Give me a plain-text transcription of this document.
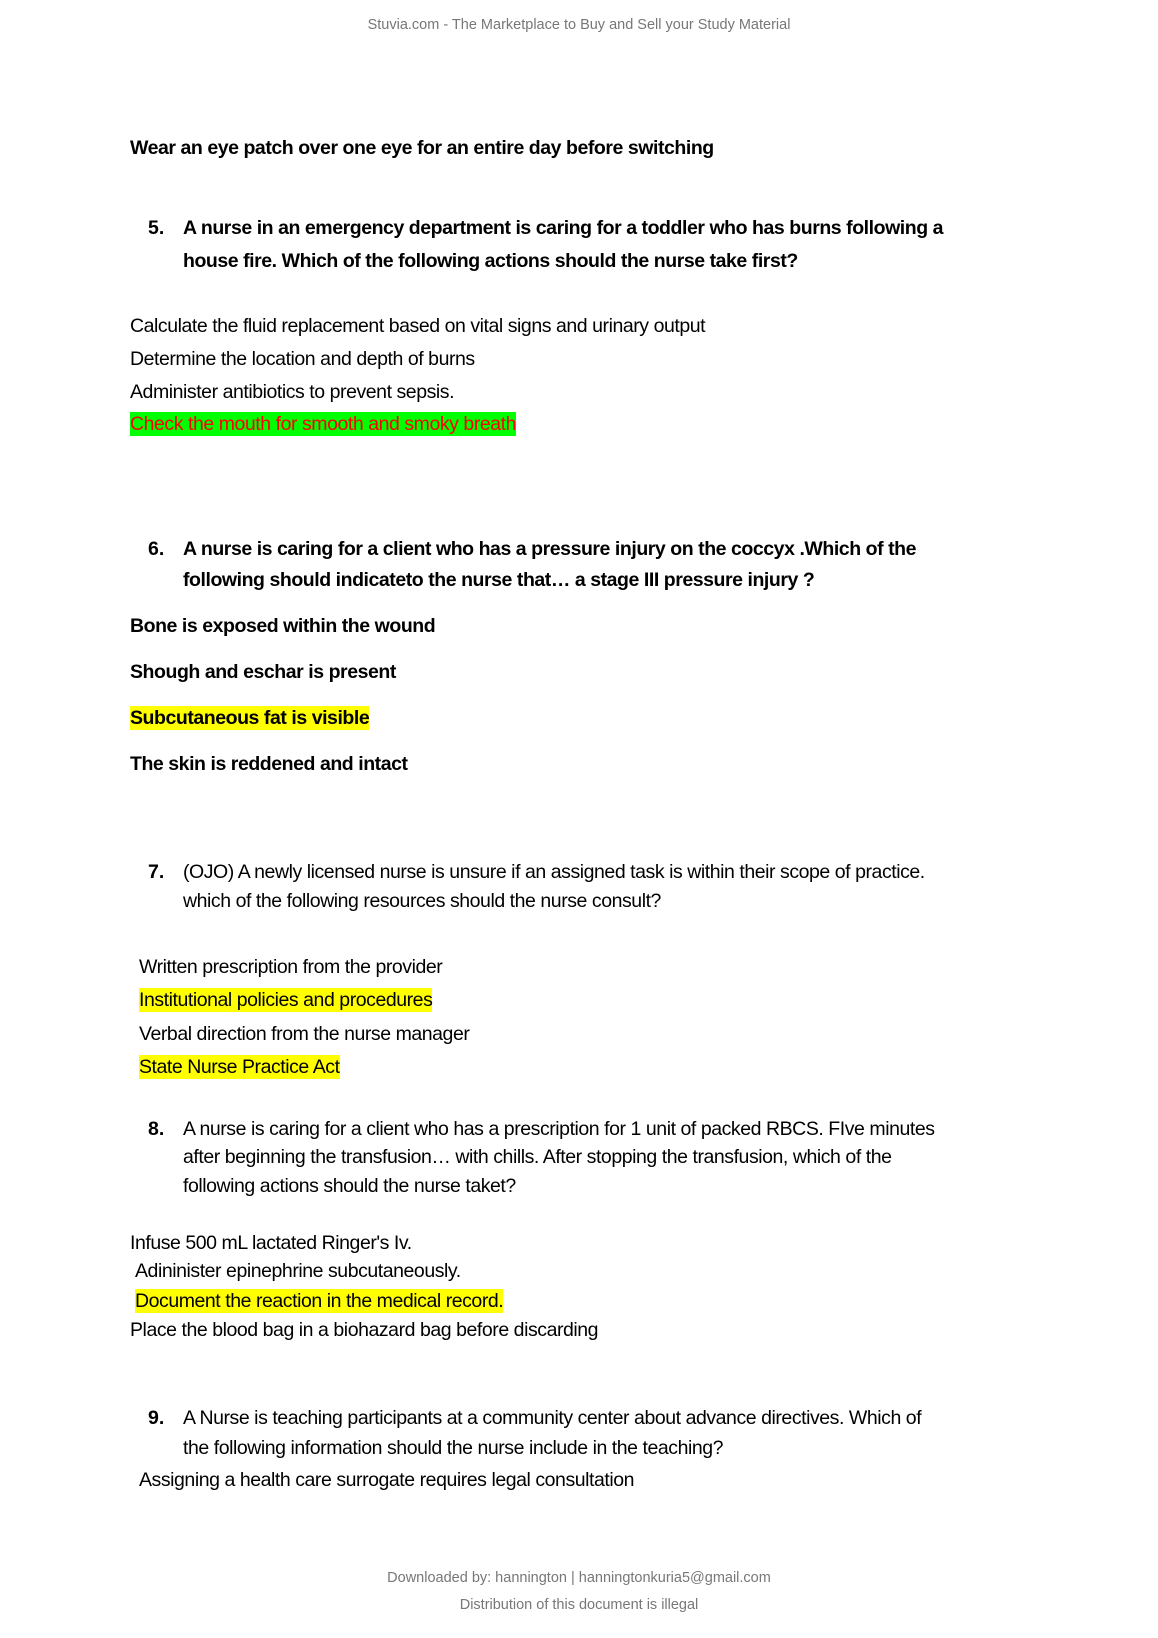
Stuvia.com - The Marketplace to Buy and Sell your Study Material
Wear an eye patch over one eye for an entire day before switching
5. A nurse in an emergency department is caring for a toddler who has burns following a
house fire. Which of the following actions should the nurse take first?
Calculate the fluid replacement based on vital signs and urinary output
Determine the location and depth of burns
Administer antibiotics to prevent sepsis.
Check the mouth for smooth and smoky breath
6. A nurse is caring for a client who has a pressure injury on the coccyx .Which of the
following should indicateto the nurse that… a stage III pressure injury ?
Bone is exposed within the wound
Shough and eschar is present
Subcutaneous fat is visible
The skin is reddened and intact
7. (OJO) A newly licensed nurse is unsure if an assigned task is within their scope of practice.
which of the following resources should the nurse consult?
Written prescription from the provider
Institutional policies and procedures
Verbal direction from the nurse manager
State Nurse Practice Act
8. A nurse is caring for a client who has a prescription for 1 unit of packed RBCS. FIve minutes
after beginning the transfusion… with chills. After stopping the transfusion, which of the
following actions should the nurse taket?
Infuse 500 mL lactated Ringer's Iv.
Adininister epinephrine subcutaneously.
Document the reaction in the medical record.
Place the blood bag in a biohazard bag before discarding
9. A Nurse is teaching participants at a community center about advance directives. Which of
the following information should the nurse include in the teaching?
Assigning a health care surrogate requires legal consultation
Downloaded by: hannington | hanningtonkuria5@gmail.com
Distribution of this document is illegal
